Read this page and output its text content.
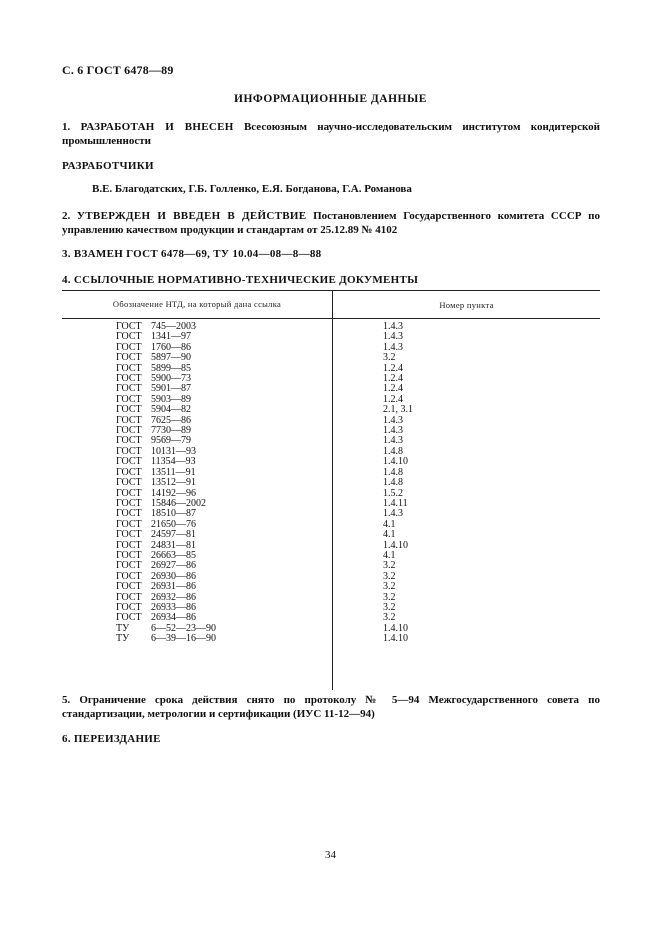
С. 6 ГОСТ 6478—89
ИНФОРМАЦИОННЫЕ ДАННЫЕ
1. РАЗРАБОТАН И ВНЕСЕН Всесоюзным научно-исследовательским институтом кондитерской промышленности
РАЗРАБОТЧИКИ
В.Е. Благодатских, Г.Б. Голленко, Е.Я. Богданова, Г.А. Романова
2. УТВЕРЖДЕН И ВВЕДЕН В ДЕЙСТВИЕ Постановлением Государственного комитета СССР по управлению качеством продукции и стандартам от 25.12.89 № 4102
3. ВЗАМЕН ГОСТ 6478—69, ТУ 10.04—08—8—88
4. ССЫЛОЧНЫЕ НОРМАТИВНО-ТЕХНИЧЕСКИЕ ДОКУМЕНТЫ
Обозначение НТД, на который дана ссылка	Номер пункта
ГОСТ 745—2003
ГОСТ 1341—97
ГОСТ 1760—86
ГОСТ 5897—90
ГОСТ 5899—85
ГОСТ 5900—73
ГОСТ 5901—87
ГОСТ 5903—89
ГОСТ 5904—82
ГОСТ 7625—86
ГОСТ 7730—89
ГОСТ 9569—79
ГОСТ 10131—93
ГОСТ 11354—93
ГОСТ 13511—91
ГОСТ 13512—91
ГОСТ 14192—96
ГОСТ 15846—2002
ГОСТ 18510—87
ГОСТ 21650—76
ГОСТ 24597—81
ГОСТ 24831—81
ГОСТ 26663—85
ГОСТ 26927—86
ГОСТ 26930—86
ГОСТ 26931—86
ГОСТ 26932—86
ГОСТ 26933—86
ГОСТ 26934—86
ТУ 6—52—23—90
ТУ 6—39—16—90
1.4.3
1.4.3
1.4.3
3.2
1.2.4
1.2.4
1.2.4
1.2.4
2.1, 3.1
1.4.3
1.4.3
1.4.3
1.4.8
1.4.10
1.4.8
1.4.8
1.5.2
1.4.11
1.4.3
4.1
4.1
1.4.10
4.1
3.2
3.2
3.2
3.2
3.2
3.2
1.4.10
1.4.10
5. Ограничение срока действия снято по протоколу № 5—94 Межгосударственного совета по стандартизации, метрологии и сертификации (ИУС 11-12—94)
6. ПЕРЕИЗДАНИЕ
34
